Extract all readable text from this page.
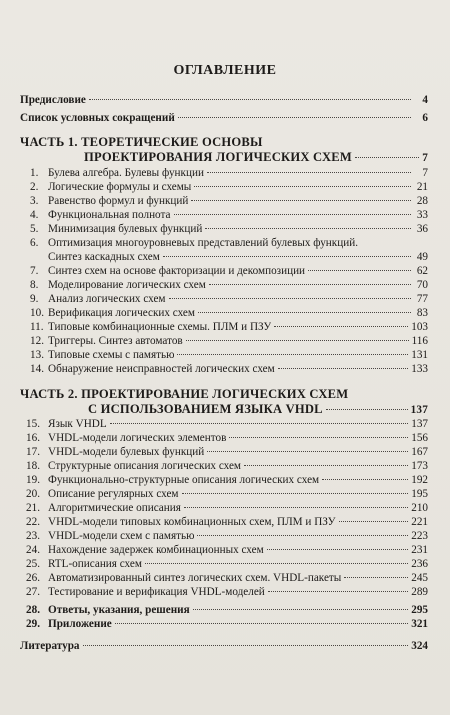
ОГЛАВЛЕНИЕ
Предисловие	4
Список условных сокращений	6
ЧАСТЬ 1. ТЕОРЕТИЧЕСКИЕ ОСНОВЫ
ПРОЕКТИРОВАНИЯ ЛОГИЧЕСКИХ СХЕМ	7
1. Булева алгебра. Булевы функции	7
2. Логические формулы и схемы	21
3. Равенство формул и функций	28
4. Функциональная полнота	33
5. Минимизация булевых функций	36
6. Оптимизация многоуровневых представлений булевых функций.
Синтез каскадных схем	49
7. Синтез схем на основе факторизации и декомпозиции	62
8. Моделирование логических схем	70
9. Анализ логических схем	77
10. Верификация логических схем	83
11. Типовые комбинационные схемы. ПЛМ и ПЗУ	103
12. Триггеры. Синтез автоматов	116
13. Типовые схемы с памятью	131
14. Обнаружение неисправностей логических схем	133
ЧАСТЬ 2. ПРОЕКТИРОВАНИЕ ЛОГИЧЕСКИХ СХЕМ
С ИСПОЛЬЗОВАНИЕМ ЯЗЫКА VHDL	137
15. Язык VHDL	137
16. VHDL-модели логических элементов	156
17. VHDL-модели булевых функций	167
18. Структурные описания логических схем	173
19. Функционально-структурные описания логических схем	192
20. Описание регулярных схем	195
21. Алгоритмические описания	210
22. VHDL-модели типовых комбинационных схем, ПЛМ и ПЗУ	221
23. VHDL-модели схем с памятью	223
24. Нахождение задержек комбинационных схем	231
25. RTL-описания схем	236
26. Автоматизированный синтез логических схем. VHDL-пакеты	245
27. Тестирование и верификация VHDL-моделей	289
28. Ответы, указания, решения	295
29. Приложение	321
Литература	324
